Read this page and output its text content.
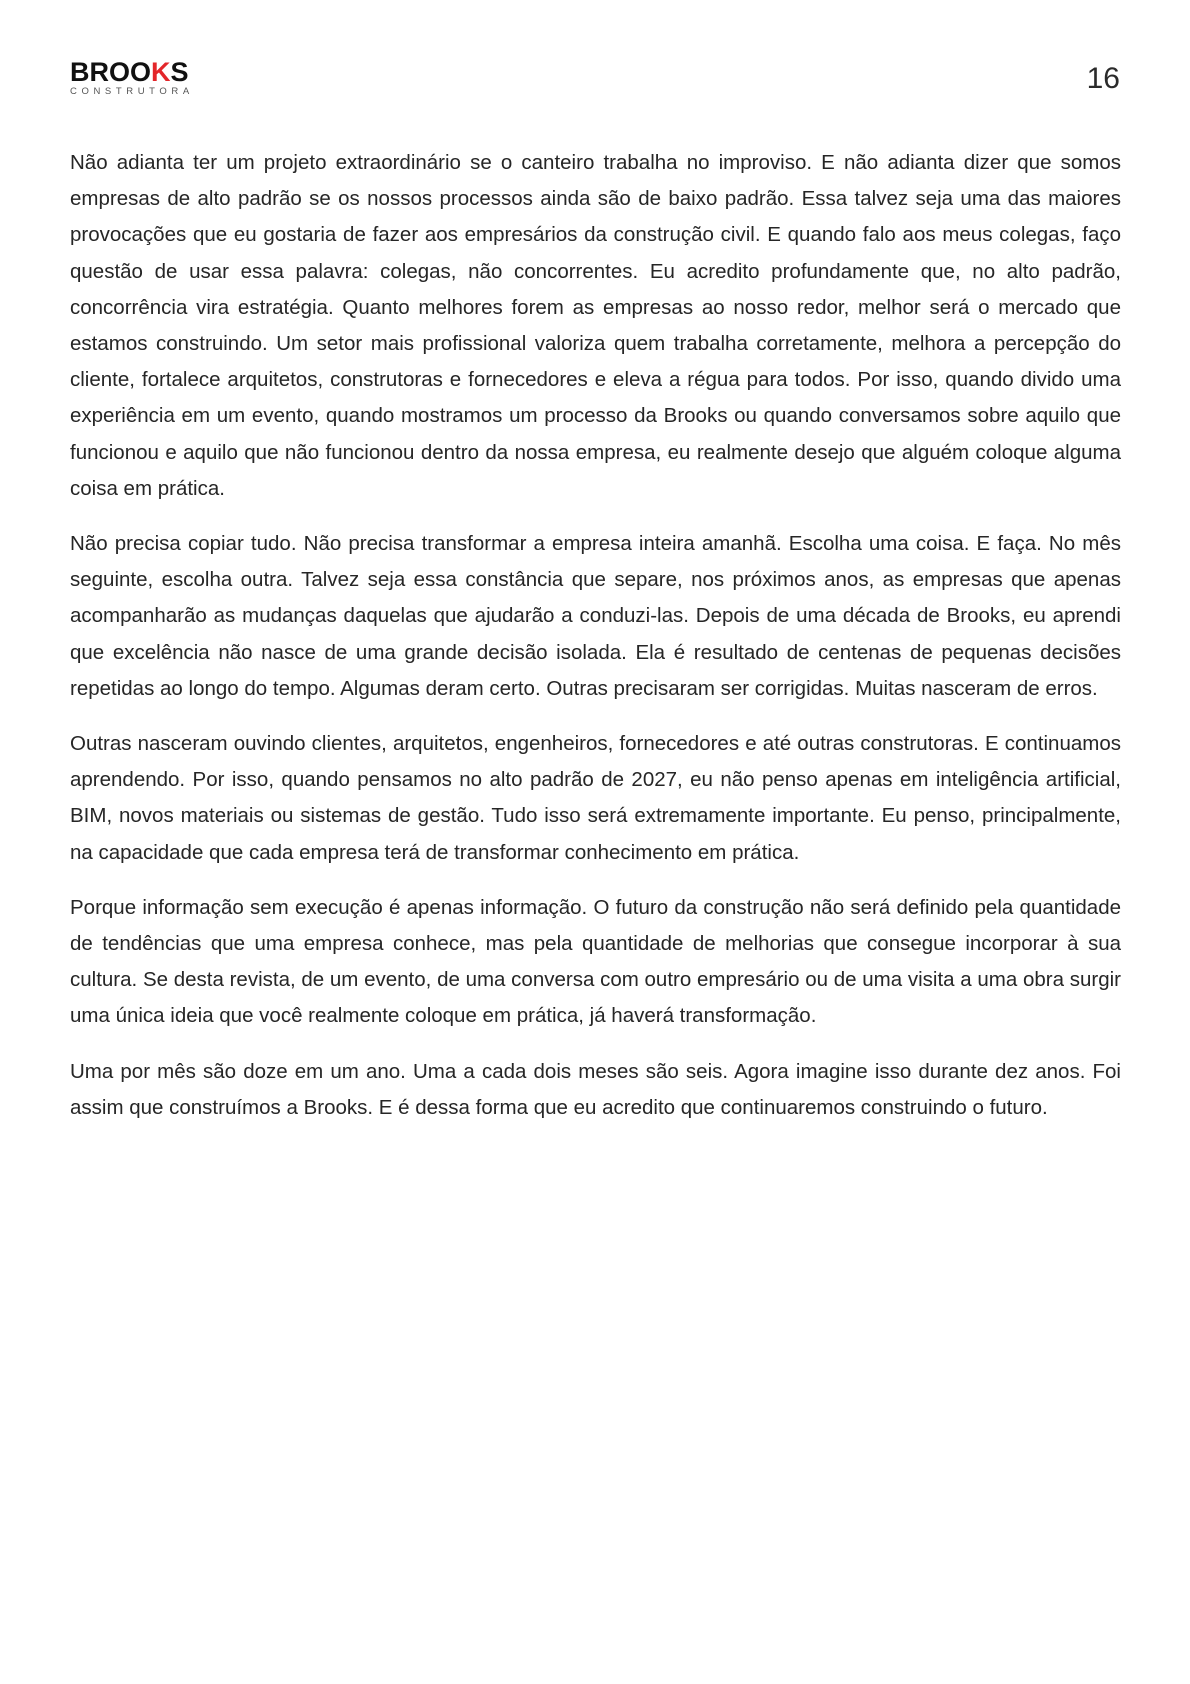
BROOKS
CONSTRUTORA	16

Não adianta ter um projeto extraordinário se o canteiro trabalha no improviso. E não adianta dizer que somos empresas de alto padrão se os nossos processos ainda são de baixo padrão. Essa talvez seja uma das maiores provocações que eu gostaria de fazer aos empresários da construção civil. E quando falo aos meus colegas, faço questão de usar essa palavra: colegas, não concorrentes. Eu acredito profundamente que, no alto padrão, concorrência vira estratégia. Quanto melhores forem as empresas ao nosso redor, melhor será o mercado que estamos construindo. Um setor mais profissional valoriza quem trabalha corretamente, melhora a percepção do cliente, fortalece arquitetos, construtoras e fornecedores e eleva a régua para todos. Por isso, quando divido uma experiência em um evento, quando mostramos um processo da Brooks ou quando conversamos sobre aquilo que funcionou e aquilo que não funcionou dentro da nossa empresa, eu realmente desejo que alguém coloque alguma coisa em prática.

Não precisa copiar tudo. Não precisa transformar a empresa inteira amanhã. Escolha uma coisa. E faça. No mês seguinte, escolha outra. Talvez seja essa constância que separe, nos próximos anos, as empresas que apenas acompanharão as mudanças daquelas que ajudarão a conduzi-las. Depois de uma década de Brooks, eu aprendi que excelência não nasce de uma grande decisão isolada. Ela é resultado de centenas de pequenas decisões repetidas ao longo do tempo. Algumas deram certo. Outras precisaram ser corrigidas. Muitas nasceram de erros.

Outras nasceram ouvindo clientes, arquitetos, engenheiros, fornecedores e até outras construtoras. E continuamos aprendendo. Por isso, quando pensamos no alto padrão de 2027, eu não penso apenas em inteligência artificial, BIM, novos materiais ou sistemas de gestão. Tudo isso será extremamente importante. Eu penso, principalmente, na capacidade que cada empresa terá de transformar conhecimento em prática.

Porque informação sem execução é apenas informação. O futuro da construção não será definido pela quantidade de tendências que uma empresa conhece, mas pela quantidade de melhorias que consegue incorporar à sua cultura. Se desta revista, de um evento, de uma conversa com outro empresário ou de uma visita a uma obra surgir uma única ideia que você realmente coloque em prática, já haverá transformação.

Uma por mês são doze em um ano. Uma a cada dois meses são seis. Agora imagine isso durante dez anos. Foi assim que construímos a Brooks. E é dessa forma que eu acredito que continuaremos construindo o futuro.
